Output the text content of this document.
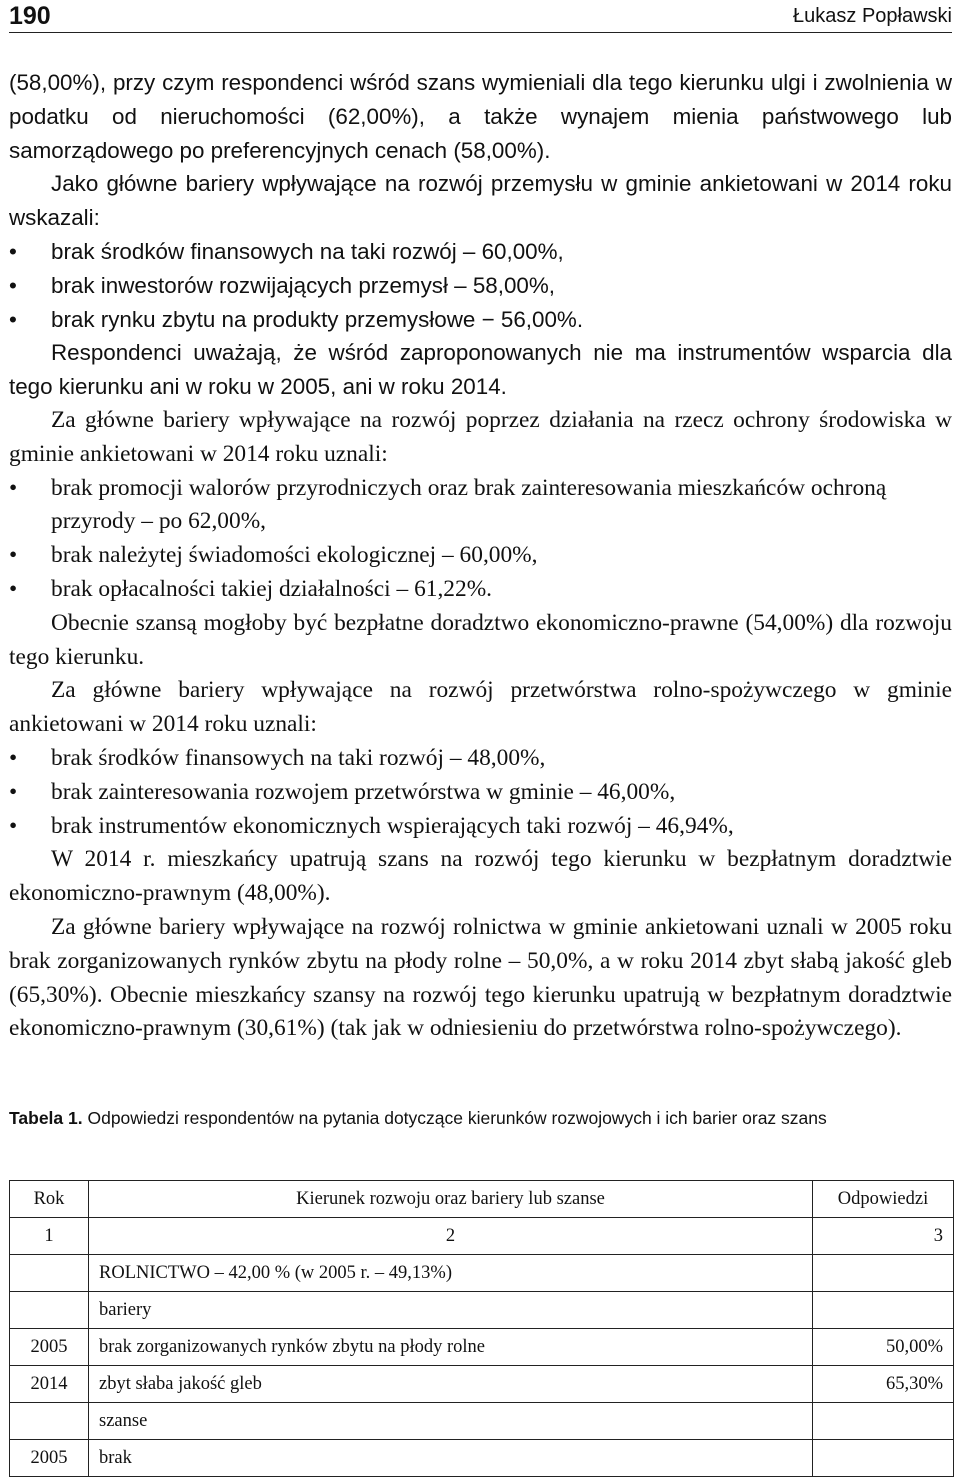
190	Łukasz Popławski

(58,00%), przy czym respondenci wśród szans wymieniali dla tego kierunku ulgi i zwolnienia w podatku od nieruchomości (62,00%), a także wynajem mienia państwowego lub samorządowego po preferencyjnych cenach (58,00%).

Jako główne bariery wpływające na rozwój przemysłu w gminie ankietowani w 2014 roku wskazali:

• brak środków finansowych na taki rozwój – 60,00%,
• brak inwestorów rozwijających przemysł – 58,00%,
• brak rynku zbytu na produkty przemysłowe − 56,00%.

Respondenci uważają, że wśród zaproponowanych nie ma instrumentów wsparcia dla tego kierunku ani w roku w 2005, ani w roku 2014.

Za główne bariery wpływające na rozwój poprzez działania na rzecz ochrony środowiska w gminie ankietowani w 2014 roku uznali:

• brak promocji walorów przyrodniczych oraz brak zainteresowania mieszkańców ochroną przyrody – po 62,00%,
• brak należytej świadomości ekologicznej – 60,00%,
• brak opłacalności takiej działalności – 61,22%.

Obecnie szansą mogłoby być bezpłatne doradztwo ekonomiczno-prawne (54,00%) dla rozwoju tego kierunku.

Za główne bariery wpływające na rozwój przetwórstwa rolno-spożywczego w gminie ankietowani w 2014 roku uznali:

• brak środków finansowych na taki rozwój – 48,00%,
• brak zainteresowania rozwojem przetwórstwa w gminie – 46,00%,
• brak instrumentów ekonomicznych wspierających taki rozwój – 46,94%,

W 2014 r. mieszkańcy upatrują szans na rozwój tego kierunku w bezpłatnym doradztwie ekonomiczno-prawnym (48,00%).

Za główne bariery wpływające na rozwój rolnictwa w gminie ankietowani uznali w 2005 roku brak zorganizowanych rynków zbytu na płody rolne – 50,0%, a w roku 2014 zbyt słabą jakość gleb (65,30%). Obecnie mieszkańcy szansy na rozwój tego kierunku upatrują w bezpłatnym doradztwie ekonomiczno-prawnym (30,61%) (tak jak w odniesieniu do przetwórstwa rolno-spożywczego).

Tabela 1. Odpowiedzi respondentów na pytania dotyczące kierunków rozwojowych i ich barier oraz szans
Rok	Kierunek rozwoju oraz bariery lub szanse	Odpowiedzi
1	2	3
	ROLNICTWO – 42,00 % (w 2005 r. – 49,13%)	
	bariery	
2005	brak zorganizowanych rynków zbytu na płody rolne	50,00%
2014	zbyt słaba jakość gleb	65,30%
	szanse	
2005	brak	
